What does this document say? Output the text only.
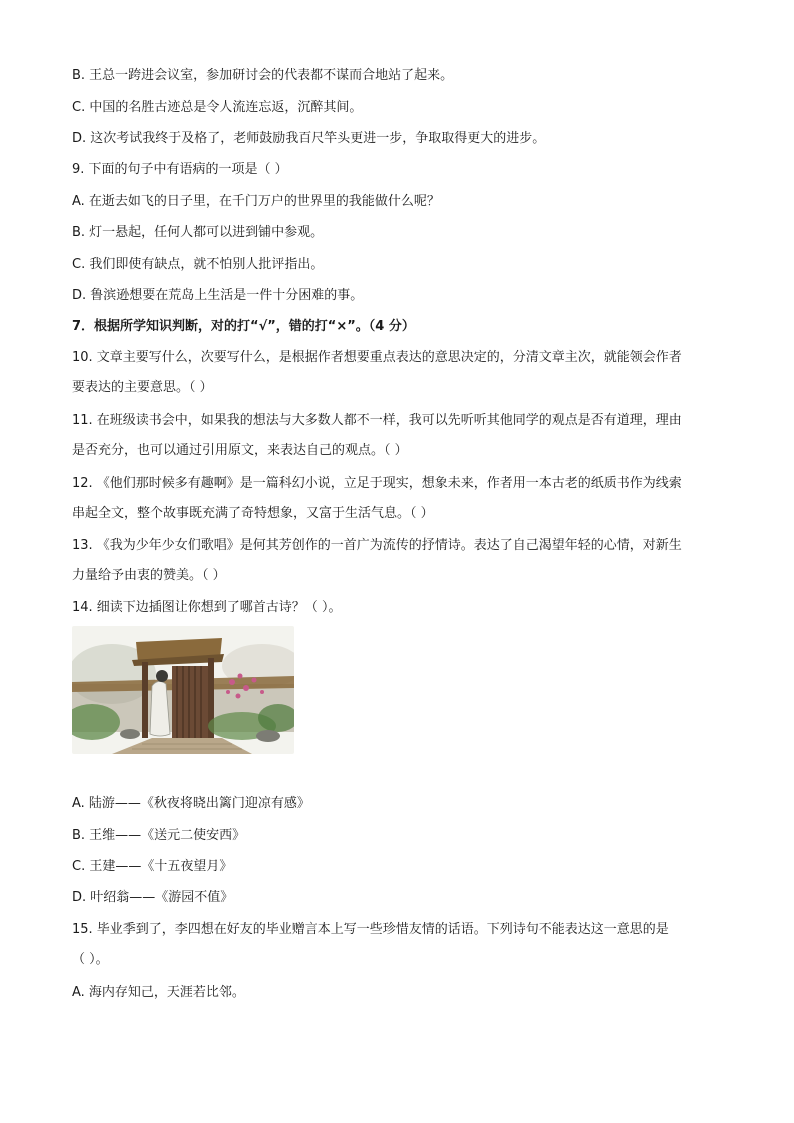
B. 王总一跨进会议室，参加研讨会的代表都不谋而合地站了起来。
C. 中国的名胜古迹总是令人流连忘返，沉醉其间。
D. 这次考试我终于及格了，老师鼓励我百尺竿头更进一步，争取取得更大的进步。
9. 下面的句子中有语病的一项是（ ）
A. 在逝去如飞的日子里，在千门万户的世界里的我能做什么呢？
B. 灯一悬起，任何人都可以进到铺中参观。
C. 我们即使有缺点，就不怕别人批评指出。
D. 鲁滨逊想要在荒岛上生活是一件十分困难的事。
7．根据所学知识判断，对的打“√”，错的打“×”。（4 分）
10. 文章主要写什么，次要写什么，是根据作者想要重点表达的意思决定的，分清文章主次，就能领会作者
要表达的主要意思。（ ）
11. 在班级读书会中，如果我的想法与大多数人都不一样，我可以先听听其他同学的观点是否有道理，理由
是否充分，也可以通过引用原文，来表达自己的观点。（ ）
12. 《他们那时候多有趣啊》是一篇科幻小说，立足于现实，想象未来，作者用一本古老的纸质书作为线索
串起全文，整个故事既充满了奇特想象，又富于生活气息。（ ）
13. 《我为少年少女们歌唱》是何其芳创作的一首广为流传的抒情诗。表达了自己渴望年轻的心情，对新生
力量给予由衷的赞美。（ ）
14. 细读下边插图让你想到了哪首古诗？（ ）。
A. 陆游——《秋夜将晓出篱门迎凉有感》
B. 王维——《送元二使安西》
C. 王建——《十五夜望月》
D. 叶绍翁——《游园不值》
15. 毕业季到了，李四想在好友的毕业赠言本上写一些珍惜友情的话语。下列诗句不能表达这一意思的是
（ ）。
A. 海内存知己，天涯若比邻。
